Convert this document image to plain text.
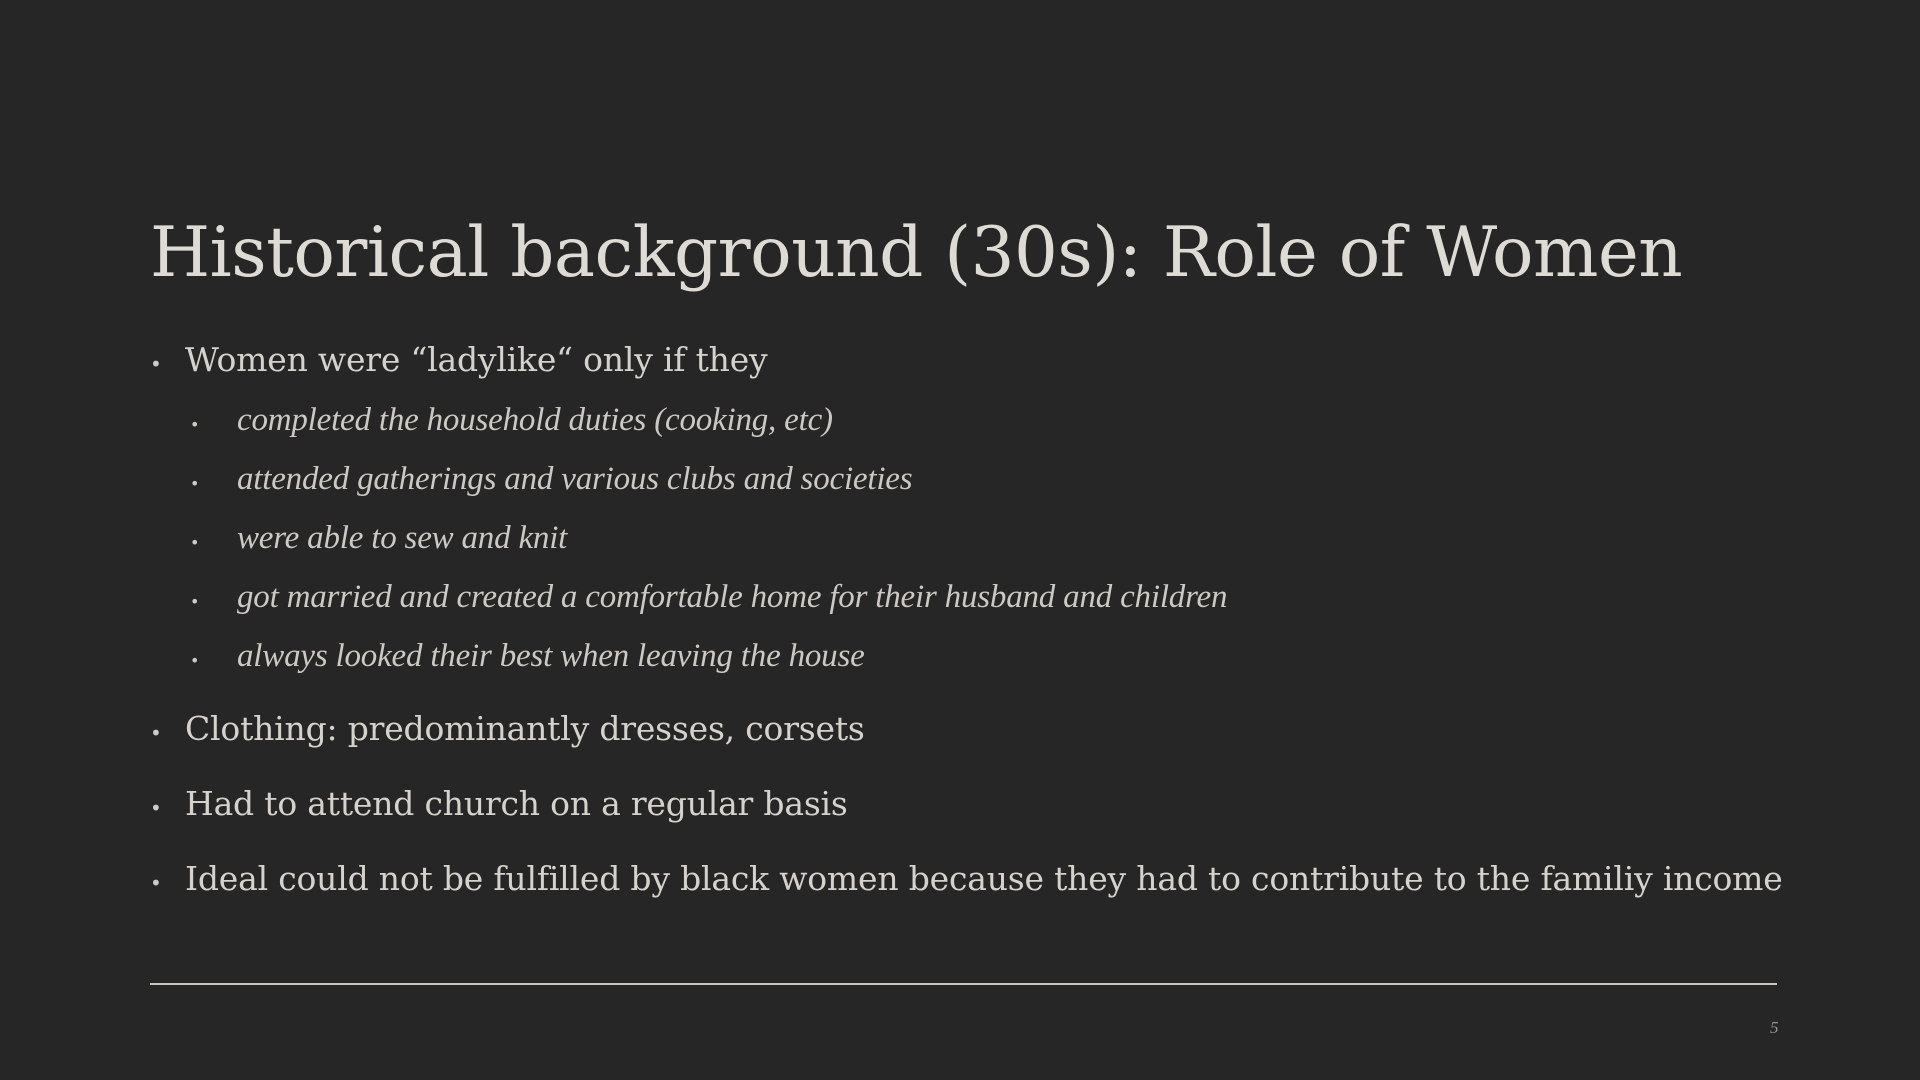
Historical background (30s): Role of Women
• Women were “ladylike“ only if they
•	completed the household duties (cooking, etc)
•	attended gatherings and various clubs and societies
•	were able to sew and knit
•	got married and created a comfortable home for their husband and children
•	always looked their best when leaving the house
• Clothing: predominantly dresses, corsets
• Had to attend church on a regular basis
• Ideal could not be fulfilled by black women because they had to contribute to the familiy income
5
